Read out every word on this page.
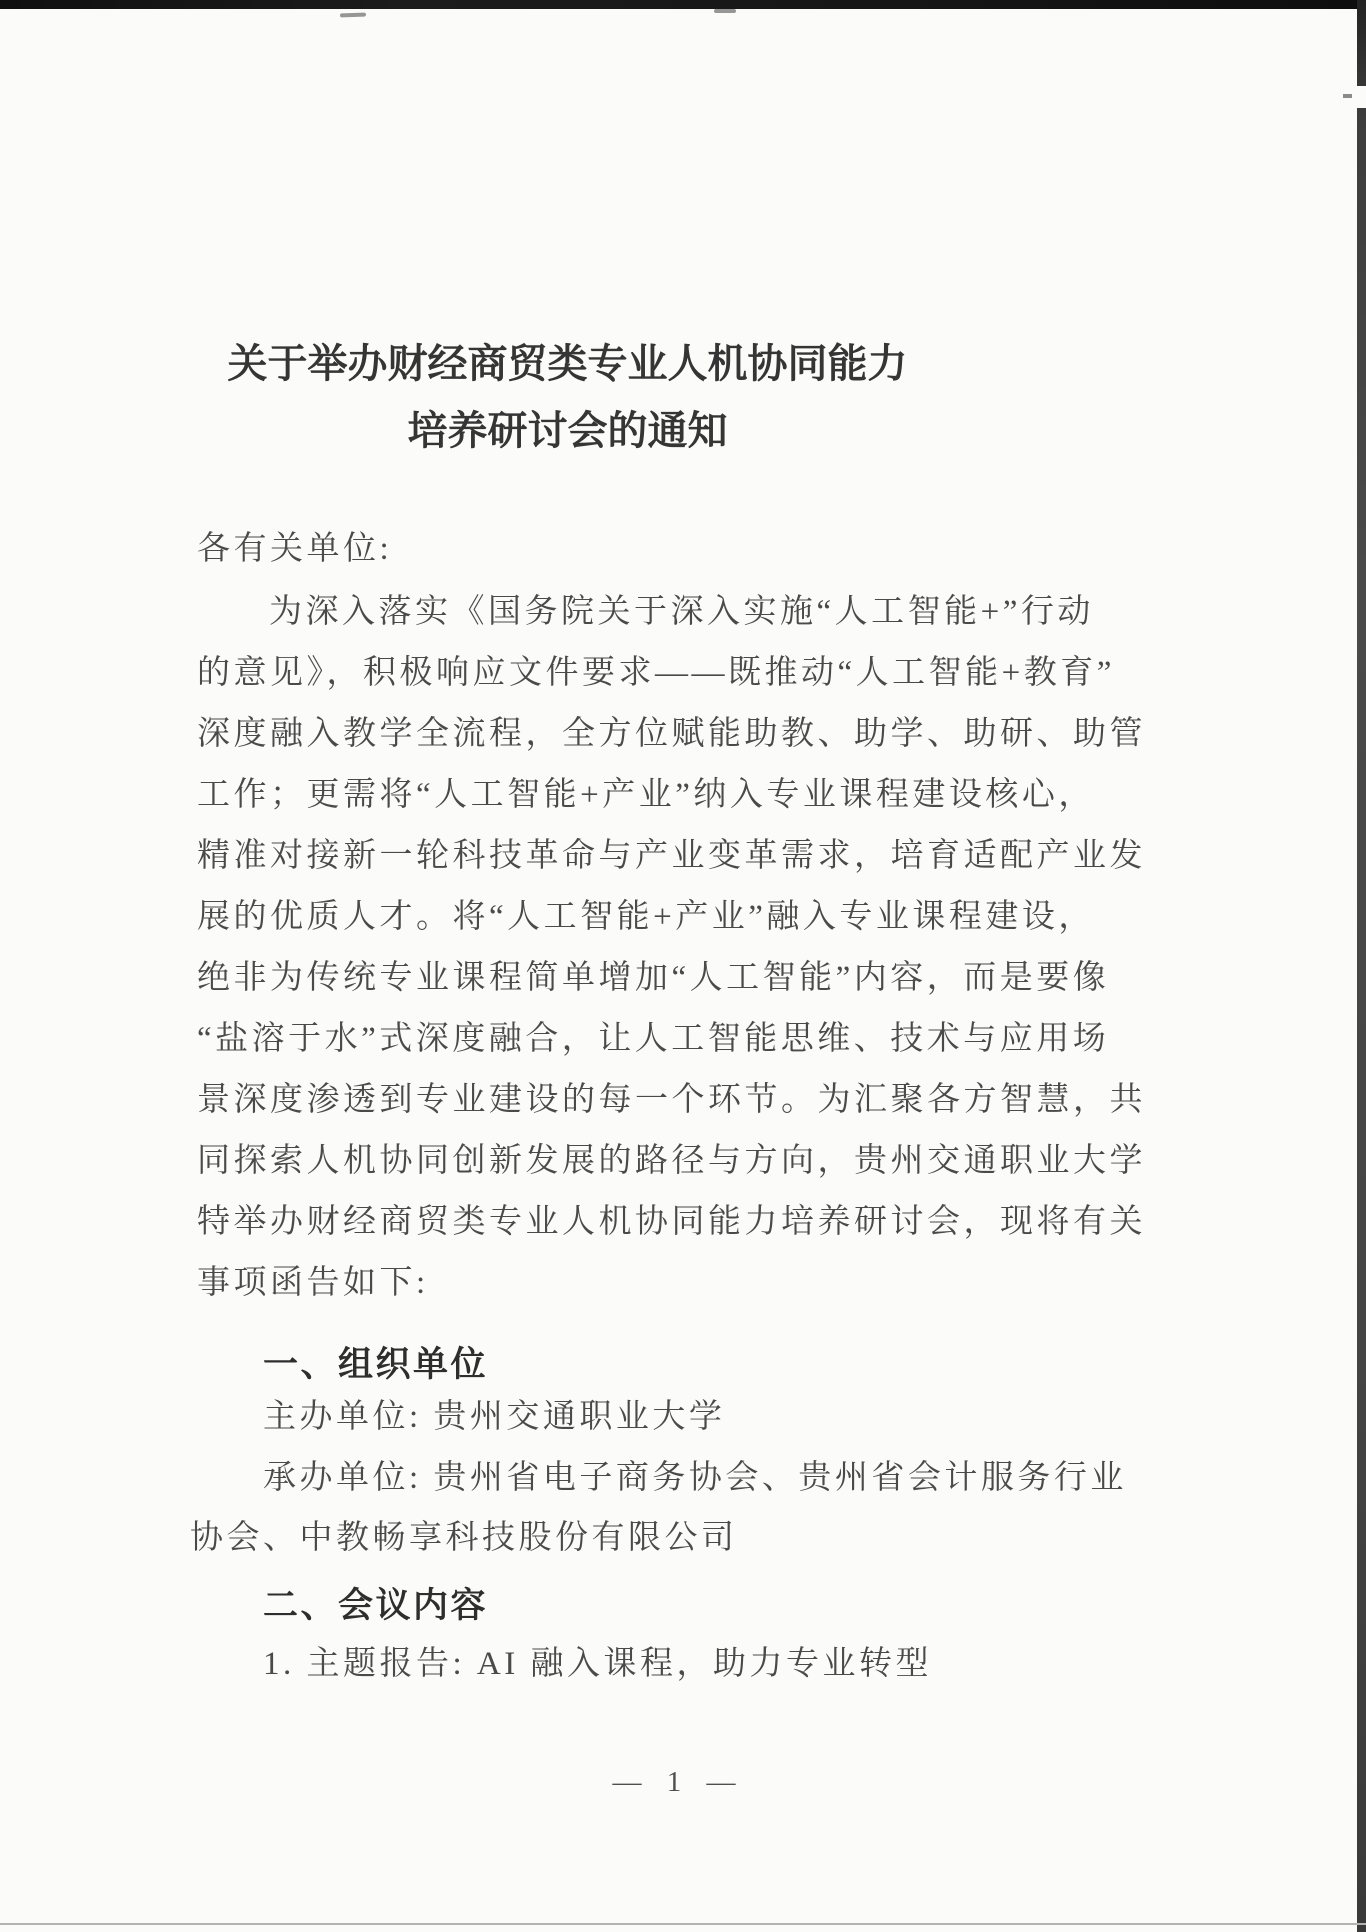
关于举办财经商贸类专业人机协同能力
培养研讨会的通知
各有关单位:
为深入落实《国务院关于深入实施“人工智能+”行动
的意见》，积极响应文件要求——既推动“人工智能+教育”
深度融入教学全流程，全方位赋能助教、助学、助研、助管
工作；更需将“人工智能+产业”纳入专业课程建设核心，
精准对接新一轮科技革命与产业变革需求，培育适配产业发
展的优质人才。将“人工智能+产业”融入专业课程建设，
绝非为传统专业课程简单增加“人工智能”内容，而是要像
“盐溶于水”式深度融合，让人工智能思维、技术与应用场
景深度渗透到专业建设的每一个环节。为汇聚各方智慧，共
同探索人机协同创新发展的路径与方向，贵州交通职业大学
特举办财经商贸类专业人机协同能力培养研讨会，现将有关
事项函告如下:
一、组织单位
主办单位: 贵州交通职业大学
承办单位: 贵州省电子商务协会、贵州省会计服务行业
协会、中教畅享科技股份有限公司
二、会议内容
1. 主题报告: AI 融入课程，助力专业转型
— 1 —
